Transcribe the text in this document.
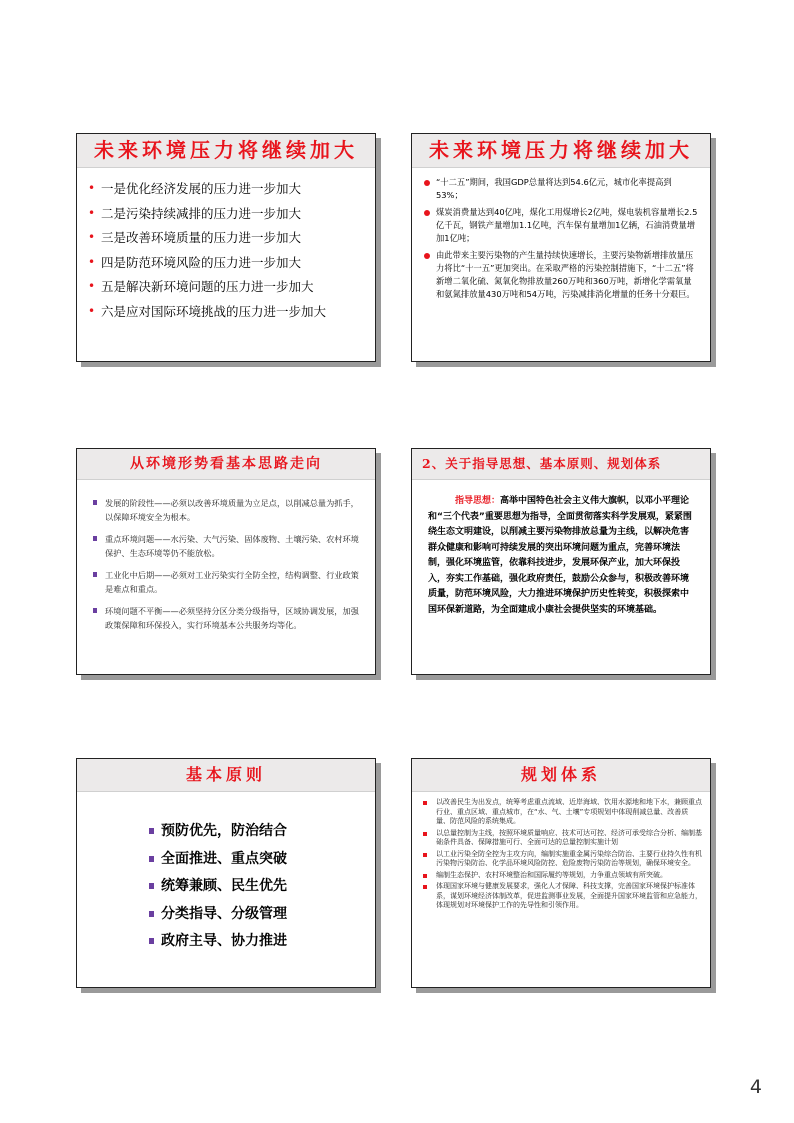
未来环境压力将继续加大
• 一是优化经济发展的压力进一步加大
• 二是污染持续减排的压力进一步加大
• 三是改善环境质量的压力进一步加大
• 四是防范环境风险的压力进一步加大
• 五是解决新环境问题的压力进一步加大
• 六是应对国际环境挑战的压力进一步加大
未来环境压力将继续加大
“十二五”期间，我国GDP总量将达到54.6亿元，城市化率提高到53%；
煤炭消费量达到40亿吨，煤化工用煤增长2亿吨，煤电装机容量增长2.5亿千瓦，钢铁产量增加1.1亿吨，汽车保有量增加1亿辆，石油消费量增加1亿吨；
由此带来主要污染物的产生量持续快速增长，主要污染物新增排放量压力将比“十一五”更加突出。在采取严格的污染控制措施下，“十二五”将新增二氧化硫、氮氧化物排放量260万吨和360万吨，新增化学需氧量和氨氮排放量430万吨和54万吨，污染减排消化增量的任务十分艰巨。
从环境形势看基本思路走向
发展的阶段性——必须以改善环境质量为立足点，以削减总量为抓手，以保障环境安全为根本。
重点环境问题——水污染、大气污染、固体废物、土壤污染、农村环境保护、生态环境等仍不能放松。
工业化中后期——必须对工业污染实行全防全控，结构调整、行业政策是难点和重点。
环境问题不平衡——必须坚持分区分类分级指导，区域协调发展，加强政策保障和环保投入，实行环境基本公共服务均等化。
2、关于指导思想、基本原则、规划体系
指导思想：高举中国特色社会主义伟大旗帜，以邓小平理论和“三个代表”重要思想为指导，全面贯彻落实科学发展观，紧紧围绕生态文明建设，以削减主要污染物排放总量为主线，以解决危害群众健康和影响可持续发展的突出环境问题为重点，完善环境法制，强化环境监管，依靠科技进步，发展环保产业，加大环保投入，夯实工作基础，强化政府责任，鼓励公众参与，积极改善环境质量，防范环境风险，大力推进环境保护历史性转变，积极探索中国环保新道路，为全面建成小康社会提供坚实的环境基础。
基本原则
预防优先，防治结合
全面推进、重点突破
统筹兼顾、民生优先
分类指导、分级管理
政府主导、协力推进
规划体系
以改善民生为出发点，统筹考虑重点流域、近岸海域、饮用水源地和地下水，兼顾重点行业、重点区域、重点城市，在“水、气、土壤”专项规划中体现削减总量、改善质量、防范风险的系统集成。
以总量控制为主线，按照环境质量响应、技术可达可控、经济可承受综合分析、编制基础条件具备、保障措施可行、全面可达的总量控制实施计划
以工业污染全防全控为主攻方向，编制实施重金属污染综合防治、主要行业持久性有机污染物污染防治、化学品环境风险防控、危险废物污染防治等规划，确保环境安全。
编制生态保护、农村环境整治和国际履约等规划，力争重点领域有所突破。
体现国家环境与健康发展要求，强化人才保障、科技支撑，完善国家环境保护标准体系，谋划环境经济体制改革，促进监测事业发展，全面提升国家环境监管和应急能力，体现规划对环境保护工作的先导性和引领作用。
4
